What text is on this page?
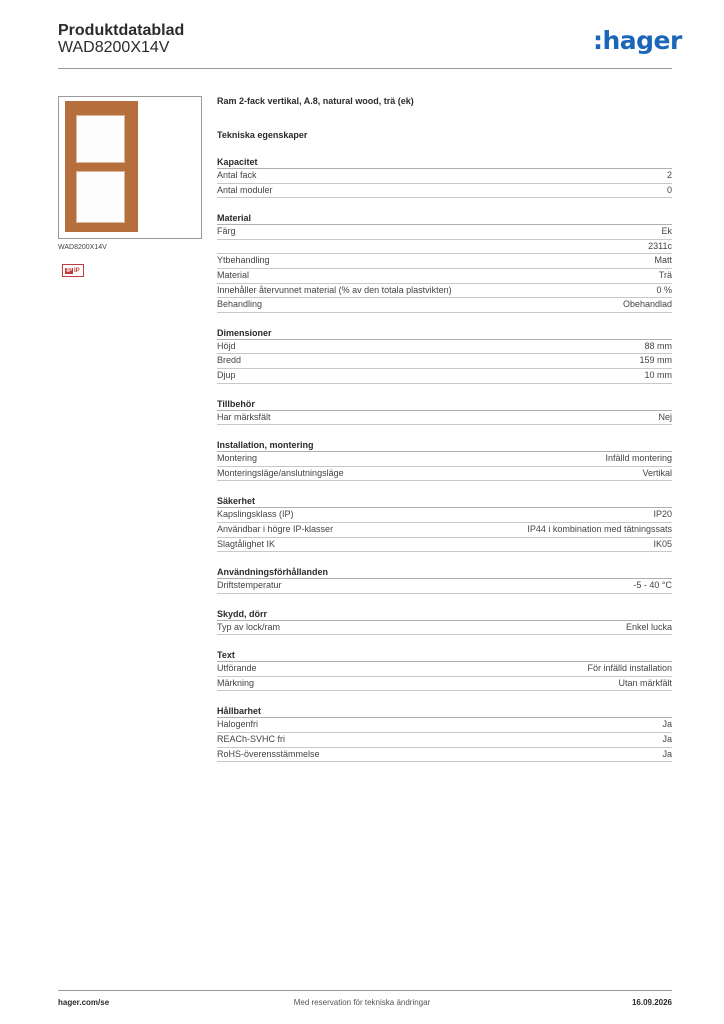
Produktdatablad
WAD8200X14V	:hager
WAD8200X14V
IP IP
Ram 2-fack vertikal, A.8, natural wood, trä (ek)
Tekniska egenskaper
Kapacitet
Antal fack	2
Antal moduler	0
Material
Färg	Ek
2311c
Ytbehandling	Matt
Material	Trä
Innehåller återvunnet material (% av den totala plastvikten)	0 %
Behandling	Obehandlad
Dimensioner
Höjd	88 mm
Bredd	159 mm
Djup	10 mm
Tillbehör
Har märksfält	Nej
Installation, montering
Montering	Infälld montering
Monteringsläge/anslutningsläge	Vertikal
Säkerhet
Kapslingsklass (IP)	IP20
Användbar i högre IP-klasser	IP44 i kombination med tätningssats
Slagtålighet IK	IK05
Användningsförhållanden
Driftstemperatur	-5 - 40 °C
Skydd, dörr
Typ av lock/ram	Enkel lucka
Text
Utförande	För infälld installation
Märkning	Utan märkfält
Hållbarhet
Halogenfri	Ja
REACh-SVHC fri	Ja
RoHS-överensstämmelse	Ja
hager.com/se	Med reservation för tekniska ändringar	16.09.2026
